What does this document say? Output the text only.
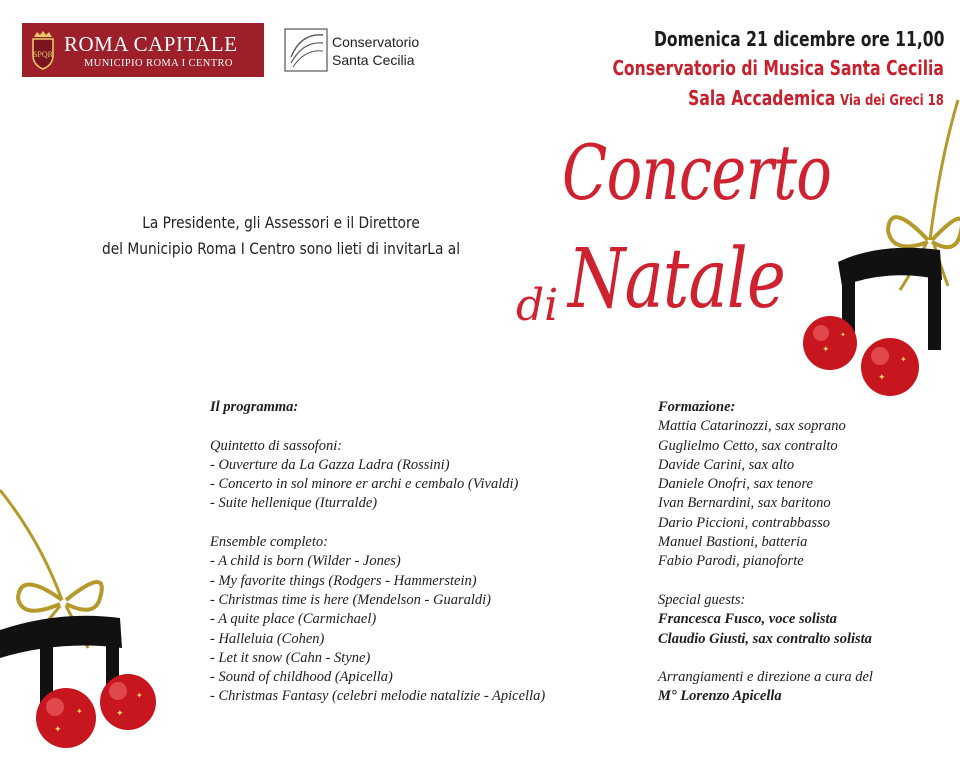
SPQR ROMA CAPITALE
MUNICIPIO ROMA I CENTRO
Conservatorio
Santa Cecilia
Domenica 21 dicembre ore 11,00
Conservatorio di Musica Santa Cecilia
Sala Accademica Via dei Greci 18
La Presidente, gli Assessori e il Direttore
del Municipio Roma I Centro sono lieti di invitarLa al
Concerto
di Natale
✦
✦
✦
✦
✦
✦	✦
✦
Il programma:
Quintetto di sassofoni:
- Ouverture da La Gazza Ladra (Rossini)
- Concerto in sol minore er archi e cembalo (Vivaldi)
- Suite hellenique (Iturralde)
Ensemble completo:
- A child is born (Wilder - Jones)
- My favorite things (Rodgers - Hammerstein)
- Christmas time is here (Mendelson - Guaraldi)
- A quite place (Carmichael)
- Halleluia (Cohen)
- Let it snow (Cahn - Styne)
- Sound of childhood (Apicella)
- Christmas Fantasy (celebri melodie natalizie - Apicella)
Formazione:
Mattia Catarinozzi, sax soprano
Guglielmo Cetto, sax contralto
Davide Carini, sax alto
Daniele Onofri, sax tenore
Ivan Bernardini, sax baritono
Dario Piccioni, contrabbasso
Manuel Bastioni, batteria
Fabio Parodi, pianoforte
Special guests:
Francesca Fusco, voce solista
Claudio Giusti, sax contralto solista
Arrangiamenti e direzione a cura del
M° Lorenzo Apicella
